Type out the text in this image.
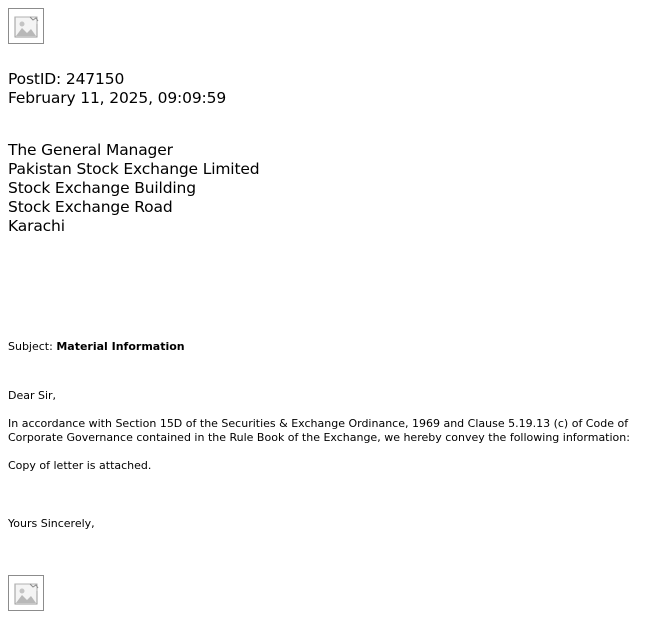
PostID: 247150
February 11, 2025, 09:09:59
The General Manager
Pakistan Stock Exchange Limited
Stock Exchange Building
Stock Exchange Road
Karachi
Subject: Material Information
Dear Sir,
In accordance with Section 15D of the Securities & Exchange Ordinance, 1969 and Clause 5.19.13 (c) of Code of
Corporate Governance contained in the Rule Book of the Exchange, we hereby convey the following information:
Copy of letter is attached.
Yours Sincerely,
